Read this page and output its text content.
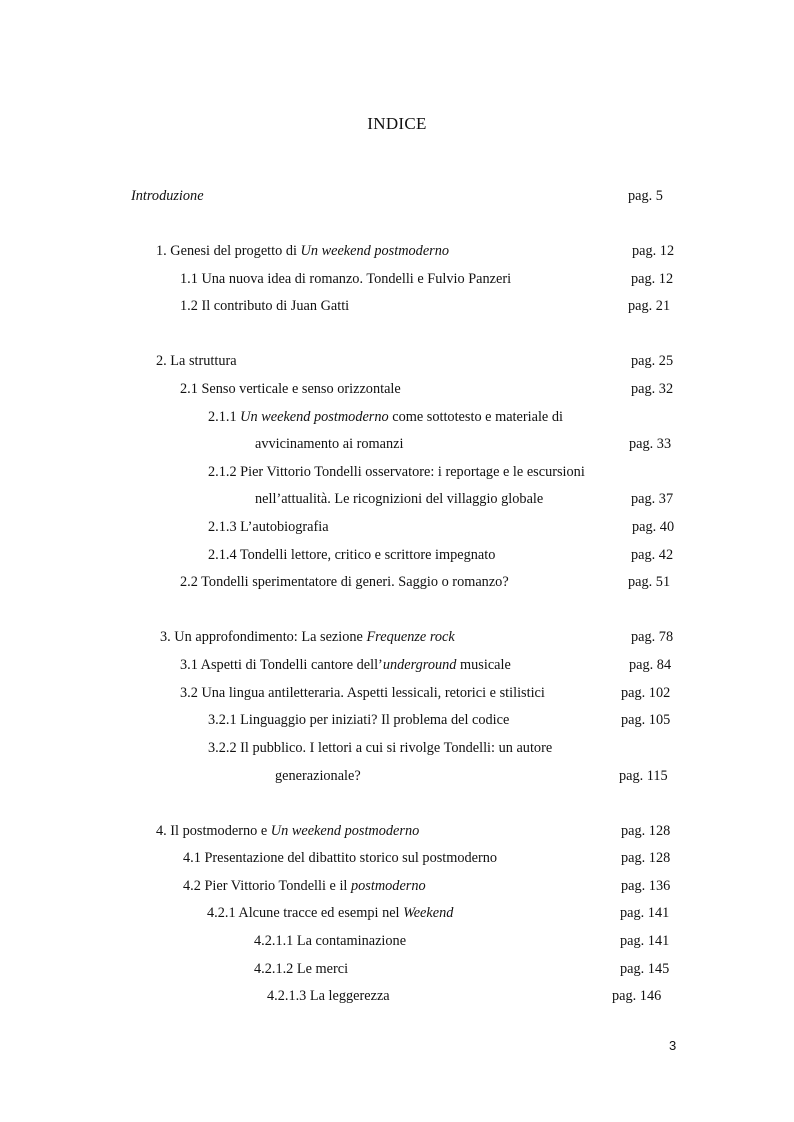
INDICE
Introduzione	pag. 5
1. Genesi del progetto di Un weekend postmoderno	pag. 12
1.1 Una nuova idea di romanzo. Tondelli e Fulvio Panzeri	pag. 12
1.2 Il contributo di Juan Gatti	pag. 21
2. La struttura	pag. 25
2.1 Senso verticale e senso orizzontale	pag. 32
2.1.1 Un weekend postmoderno come sottotesto e materiale di
avvicinamento ai romanzi	pag. 33
2.1.2 Pier Vittorio Tondelli osservatore: i reportage e le escursioni
nell’attualità. Le ricognizioni del villaggio globale	pag. 37
2.1.3 L’autobiografia	pag. 40
2.1.4 Tondelli lettore, critico e scrittore impegnato	pag. 42
2.2 Tondelli sperimentatore di generi. Saggio o romanzo?	pag. 51
3. Un approfondimento: La sezione Frequenze rock	pag. 78
3.1 Aspetti di Tondelli cantore dell’underground musicale	pag. 84
3.2 Una lingua antiletteraria. Aspetti lessicali, retorici e stilistici	pag. 102
3.2.1 Linguaggio per iniziati? Il problema del codice	pag. 105
3.2.2 Il pubblico. I lettori a cui si rivolge Tondelli: un autore
generazionale?	pag. 115
4. Il postmoderno e Un weekend postmoderno	pag. 128
4.1 Presentazione del dibattito storico sul postmoderno	pag. 128
4.2 Pier Vittorio Tondelli e il postmoderno	pag. 136
4.2.1 Alcune tracce ed esempi nel Weekend	pag. 141
4.2.1.1 La contaminazione	pag. 141
4.2.1.2 Le merci	pag. 145
4.2.1.3 La leggerezza	pag. 146
3
